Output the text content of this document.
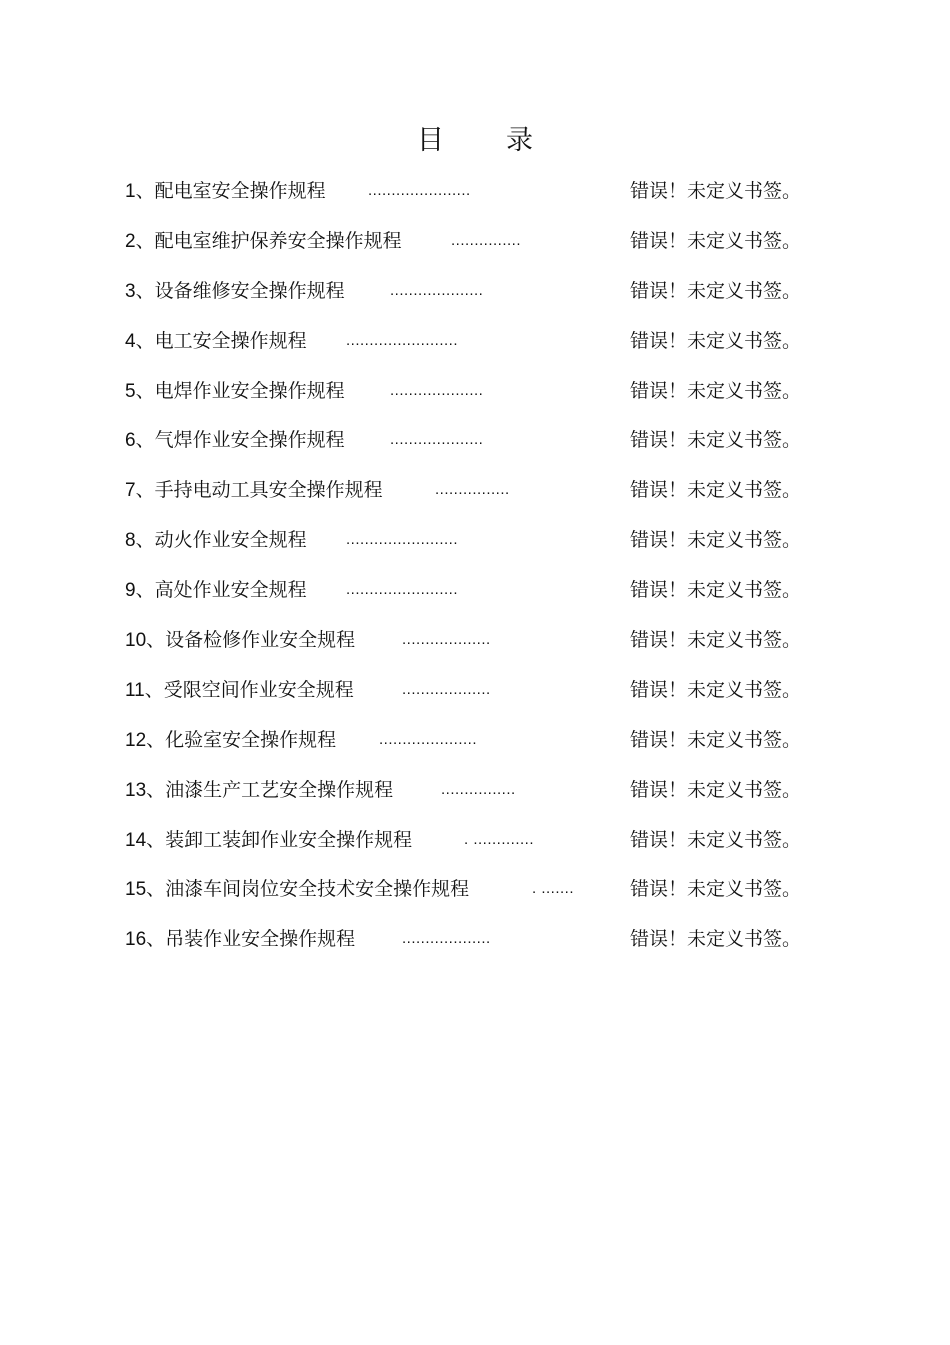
目 录
1、配电室安全操作规程	......................	错误！未定义书签。
2、配电室维护保养安全操作规程	...............	错误！未定义书签。
3、设备维修安全操作规程	....................	错误！未定义书签。
4、电工安全操作规程	........................	错误！未定义书签。
5、电焊作业安全操作规程	....................	错误！未定义书签。
6、气焊作业安全操作规程	....................	错误！未定义书签。
7、手持电动工具安全操作规程	................	错误！未定义书签。
8、动火作业安全规程	........................	错误！未定义书签。
9、高处作业安全规程	........................	错误！未定义书签。
10、设备检修作业安全规程	...................	错误！未定义书签。
11、受限空间作业安全规程	...................	错误！未定义书签。
12、化验室安全操作规程	.....................	错误！未定义书签。
13、油漆生产工艺安全操作规程	................	错误！未定义书签。
14、装卸工装卸作业安全操作规程	. .............	错误！未定义书签。
15、油漆车间岗位安全技术安全操作规程	. .......	错误！未定义书签。
16、吊装作业安全操作规程	...................	错误！未定义书签。
